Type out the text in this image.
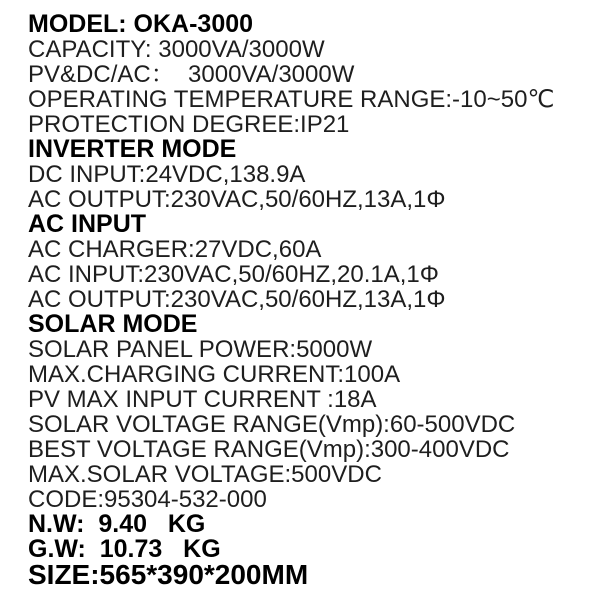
MODEL: OKA-3000
CAPACITY: 3000VA/3000W
PV&DC/AC：  3000VA/3000W
OPERATING TEMPERATURE RANGE:-10~50℃
PROTECTION DEGREE:IP21
INVERTER MODE
DC INPUT:24VDC,138.9A
AC OUTPUT:230VAC,50/60HZ,13A,1Φ
AC INPUT
AC CHARGER:27VDC,60A
AC INPUT:230VAC,50/60HZ,20.1A,1Φ
AC OUTPUT:230VAC,50/60HZ,13A,1Φ
SOLAR MODE
SOLAR PANEL POWER:5000W
MAX.CHARGING CURRENT:100A
PV MAX INPUT CURRENT :18A
SOLAR VOLTAGE RANGE(Vmp):60-500VDC
BEST VOLTAGE RANGE(Vmp):300-400VDC
MAX.SOLAR VOLTAGE:500VDC
CODE:95304-532-000
N.W:  9.40   KG
G.W:  10.73   KG
SIZE:565*390*200MM
